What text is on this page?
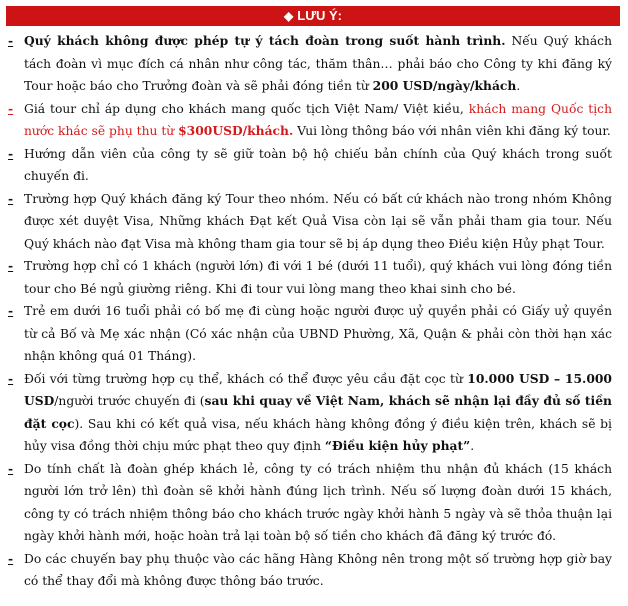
◆ LƯU Ý:
- Quý khách không được phép tự ý tách đoàn trong suốt hành trình. Nếu Quý khách tách đoàn vì mục đích cá nhân như công tác, thăm thân… phải báo cho Công ty khi đăng ký Tour hoặc báo cho Trưởng đoàn và sẽ phải đóng tiền từ 200 USD/ngày/khách.
- Giá tour chỉ áp dụng cho khách mang quốc tịch Việt Nam/ Việt kiều, khách mang Quốc tịch nước khác sẽ phụ thu từ $300USD/khách. Vui lòng thông báo với nhân viên khi đăng ký tour.
- Hướng dẫn viên của công ty sẽ giữ toàn bộ hộ chiếu bản chính của Quý khách trong suốt chuyến đi.
- Trường hợp Quý khách đăng ký Tour theo nhóm. Nếu có bất cứ khách nào trong nhóm Không được xét duyệt Visa, Những khách Đạt kết Quả Visa còn lại sẽ vẫn phải tham gia tour. Nếu Quý khách nào đạt Visa mà không tham gia tour sẽ bị áp dụng theo Điều kiện Hủy phạt Tour.
- Trường hợp chỉ có 1 khách (người lớn) đi với 1 bé (dưới 11 tuổi), quý khách vui lòng đóng tiền tour cho Bé ngủ giường riêng. Khi đi tour vui lòng mang theo khai sinh cho bé.
- Trẻ em dưới 16 tuổi phải có bố mẹ đi cùng hoặc người được uỷ quyền phải có Giấy uỷ quyền từ cả Bố và Mẹ xác nhận (Có xác nhận của UBND Phường, Xã, Quận & phải còn thời hạn xác nhận không quá 01 Tháng).
- Đối với từng trường hợp cụ thể, khách có thể được yêu cầu đặt cọc từ 10.000 USD – 15.000 USD/người trước chuyến đi (sau khi quay về Việt Nam, khách sẽ nhận lại đầy đủ số tiền đặt cọc). Sau khi có kết quả visa, nếu khách hàng không đồng ý điều kiện trên, khách sẽ bị hủy visa đồng thời chịu mức phạt theo quy định “Điều kiện hủy phạt”.
- Do tính chất là đoàn ghép khách lẻ, công ty có trách nhiệm thu nhận đủ khách (15 khách người lớn trở lên) thì đoàn sẽ khởi hành đúng lịch trình. Nếu số lượng đoàn dưới 15 khách, công ty có trách nhiệm thông báo cho khách trước ngày khởi hành 5 ngày và sẽ thỏa thuận lại ngày khởi hành mới, hoặc hoàn trả lại toàn bộ số tiền cho khách đã đăng ký trước đó.
- Do các chuyến bay phụ thuộc vào các hãng Hàng Không nên trong một số trường hợp giờ bay có thể thay đổi mà không được thông báo trước.
